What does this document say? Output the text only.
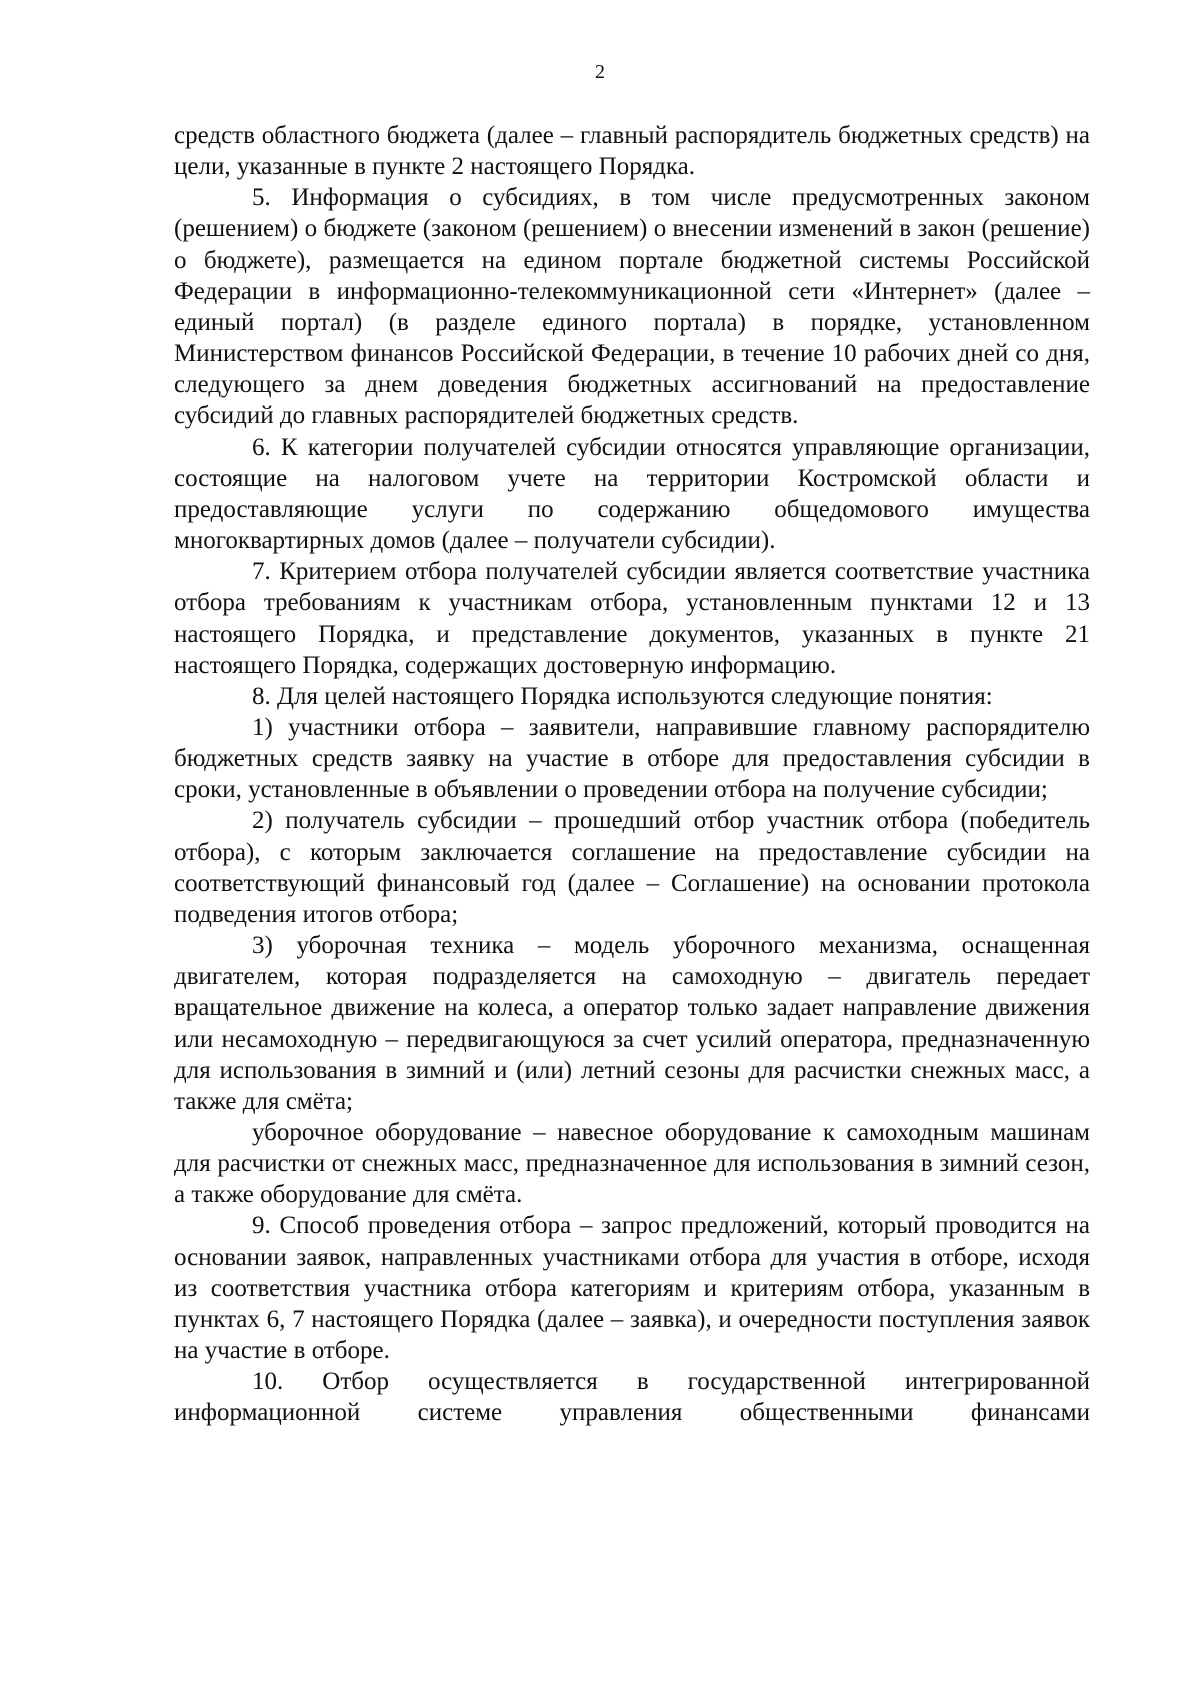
2

средств областного бюджета (далее – главный распорядитель бюджетных средств) на цели, указанные в пункте 2 настоящего Порядка.

5. Информация о субсидиях, в том числе предусмотренных законом (решением) о бюджете (законом (решением) о внесении изменений в закон (решение) о бюджете), размещается на едином портале бюджетной системы Российской Федерации в информационно-телекоммуникационной сети «Интернет» (далее – единый портал) (в разделе единого портала) в порядке, установленном Министерством финансов Российской Федерации, в течение 10 рабочих дней со дня, следующего за днем доведения бюджетных ассигнований на предоставление субсидий до главных распорядителей бюджетных средств.

6. К категории получателей субсидии относятся управляющие организации, состоящие на налоговом учете на территории Костромской области и предоставляющие услуги по содержанию общедомового имущества многоквартирных домов (далее – получатели субсидии).

7. Критерием отбора получателей субсидии является соответствие участника отбора требованиям к участникам отбора, установленным пунктами 12 и 13 настоящего Порядка, и представление документов, указанных в пункте 21 настоящего Порядка, содержащих достоверную информацию.

8. Для целей настоящего Порядка используются следующие понятия:

1) участники отбора – заявители, направившие главному распорядителю бюджетных средств заявку на участие в отборе для предоставления субсидии в сроки, установленные в объявлении о проведении отбора на получение субсидии;

2) получатель субсидии – прошедший отбор участник отбора (победитель отбора), с которым заключается соглашение на предоставление субсидии на соответствующий финансовый год (далее – Соглашение) на основании протокола подведения итогов отбора;

3) уборочная техника – модель уборочного механизма, оснащенная двигателем, которая подразделяется на самоходную – двигатель передает вращательное движение на колеса, а оператор только задает направление движения или несамоходную – передвигающуюся за счет усилий оператора, предназначенную для использования в зимний и (или) летний сезоны для расчистки снежных масс, а также для смёта;

уборочное оборудование – навесное оборудование к самоходным машинам для расчистки от снежных масс, предназначенное для использования в зимний сезон, а также оборудование для смёта.

9. Способ проведения отбора – запрос предложений, который проводится на основании заявок, направленных участниками отбора для участия в отборе, исходя из соответствия участника отбора категориям и критериям отбора, указанным в пунктах 6, 7 настоящего Порядка (далее – заявка), и очередности поступления заявок на участие в отборе.

10. Отбор осуществляется в государственной интегрированной информационной системе управления общественными финансами
